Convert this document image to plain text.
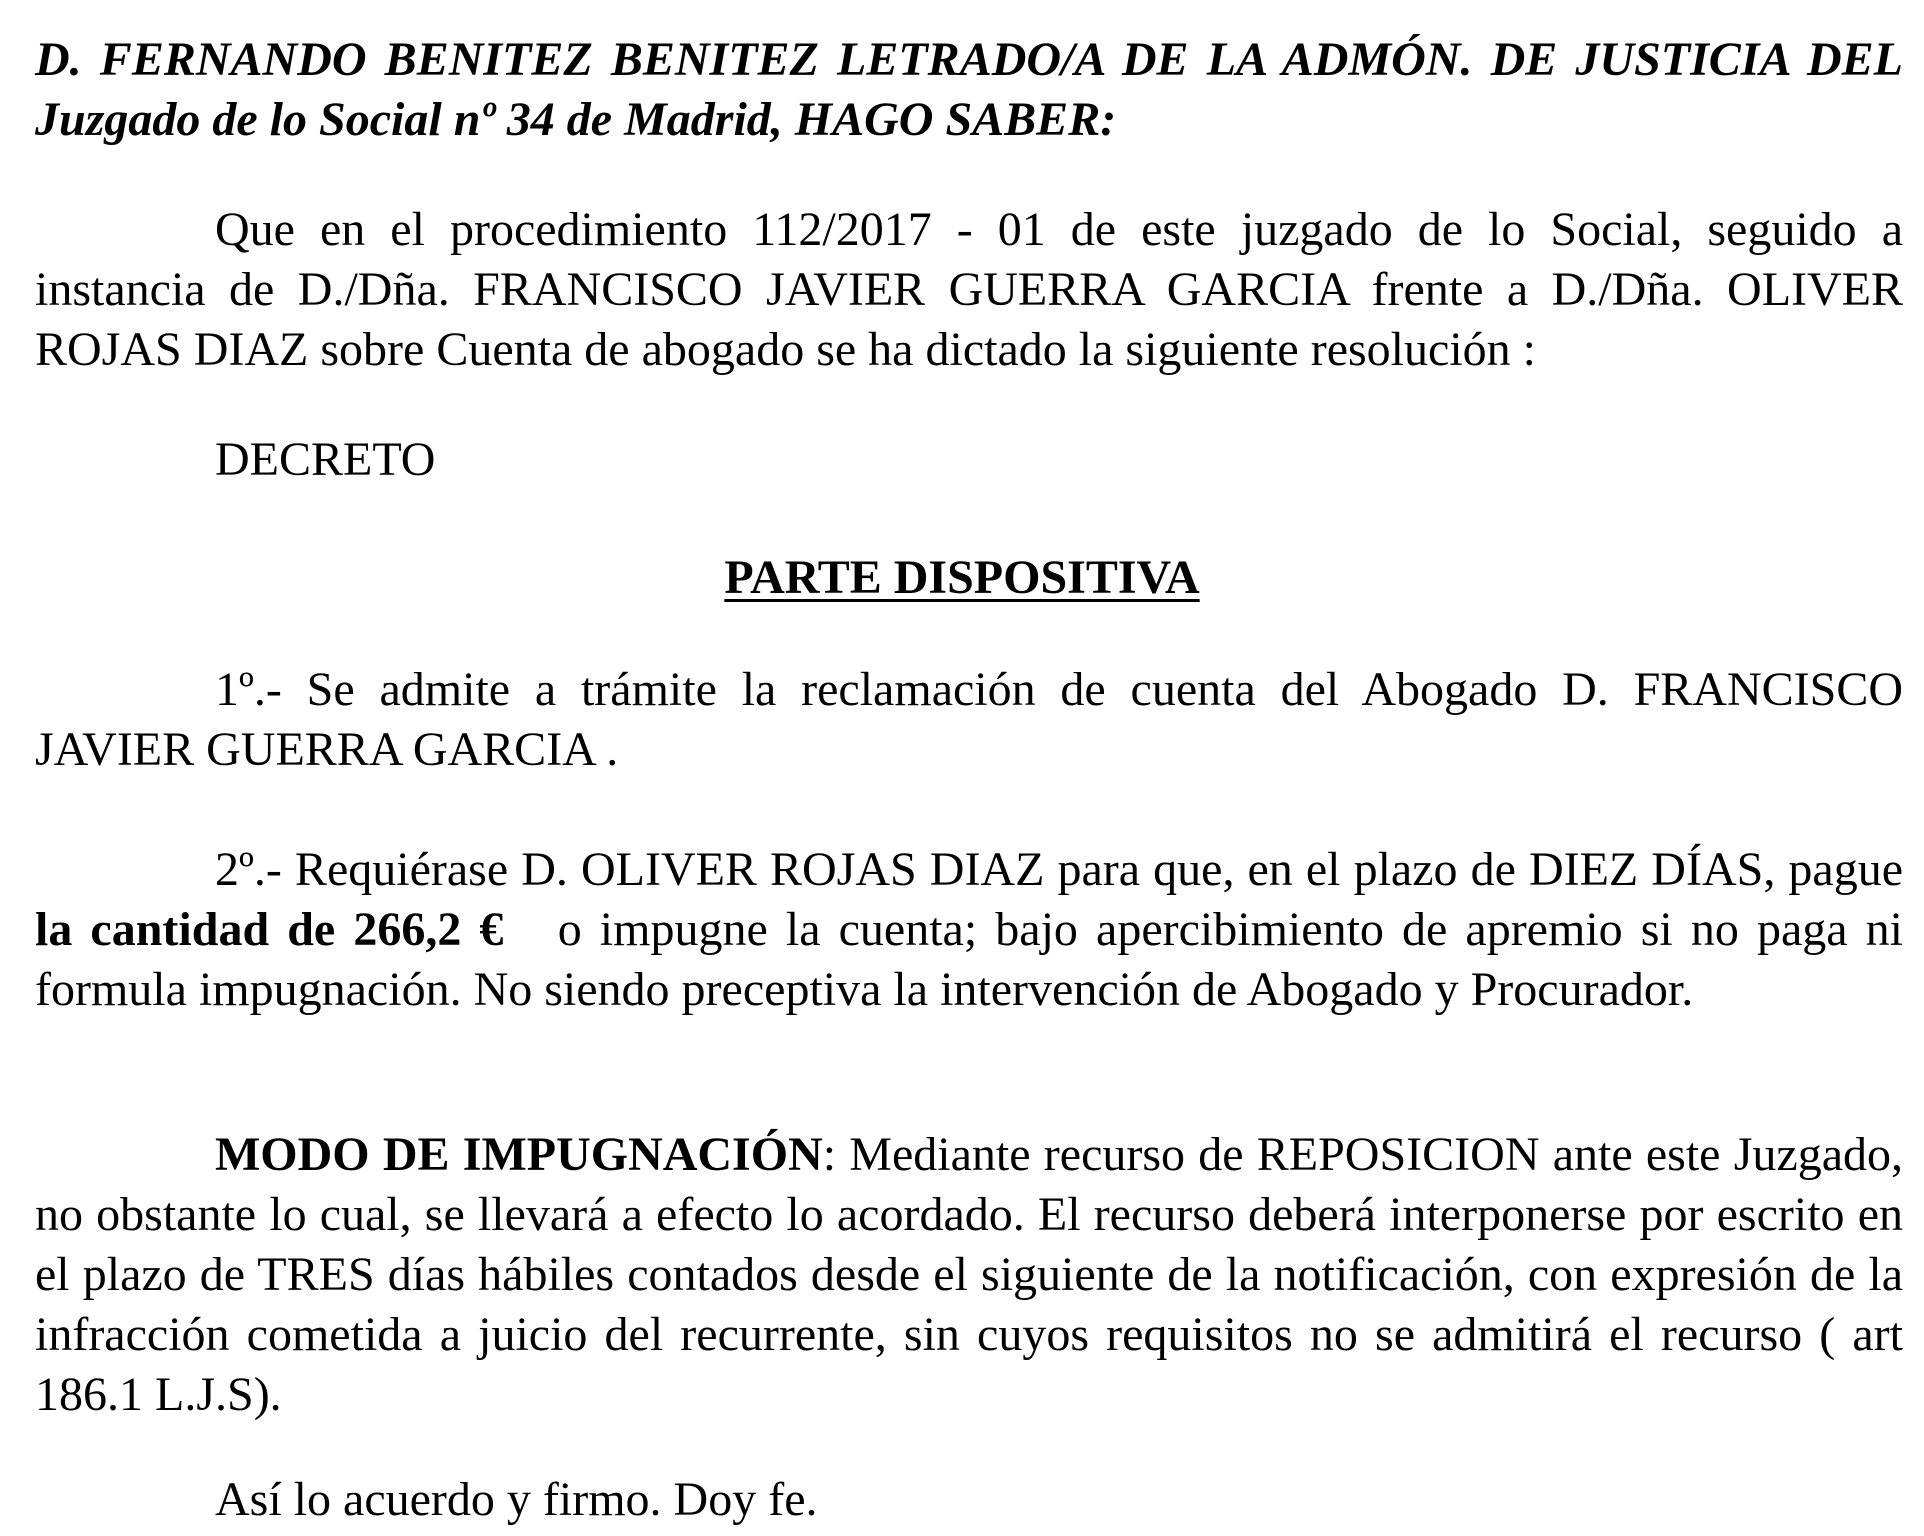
D. FERNANDO BENITEZ BENITEZ LETRADO/A DE LA ADMÓN. DE JUSTICIA DEL Juzgado de lo Social nº 34 de Madrid, HAGO SABER:
Que en el procedimiento 112/2017 - 01 de este juzgado de lo Social, seguido a instancia de D./Dña. FRANCISCO JAVIER GUERRA GARCIA frente a D./Dña. OLIVER ROJAS DIAZ sobre Cuenta de abogado se ha dictado la siguiente resolución :
DECRETO
PARTE DISPOSITIVA
1º.- Se admite a trámite la reclamación de cuenta del Abogado D. FRANCISCO JAVIER GUERRA GARCIA .
2º.- Requiérase D. OLIVER ROJAS DIAZ para que, en el plazo de DIEZ DÍAS, pague la cantidad de 266,2 €   o impugne la cuenta; bajo apercibimiento de apremio si no paga ni formula impugnación. No siendo preceptiva la intervención de Abogado y Procurador.
MODO DE IMPUGNACIÓN: Mediante recurso de REPOSICION ante este Juzgado, no obstante lo cual, se llevará a efecto lo acordado. El recurso deberá interponerse por escrito en el plazo de TRES días hábiles contados desde el siguiente de la notificación, con expresión de la infracción cometida a juicio del recurrente, sin cuyos requisitos no se admitirá el recurso ( art 186.1 L.J.S).
Así lo acuerdo y firmo. Doy fe.
